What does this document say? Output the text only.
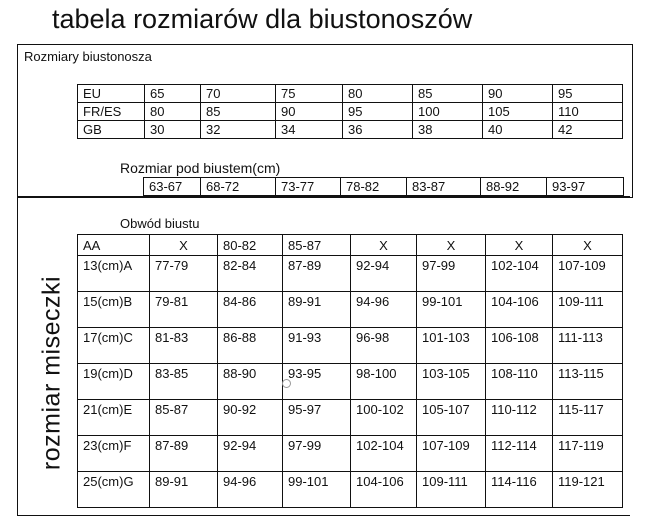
tabela rozmiarów dla biustonoszów
Rozmiary biustonosza
EU	65	70	75	80	85	90	95
FR/ES	80	85	90	95	100	105	110
GB	30	32	34	36	38	40	42
Rozmiar pod biustem(cm)
63-67	68-72	73-77	78-82	83-87	88-92	93-97
Obwód biustu
rozmiar miseczki
AA	X	80-82	85-87	X	X	X	X
13(cm)A	77-79	82-84	87-89	92-94	97-99	102-104	107-109
15(cm)B	79-81	84-86	89-91	94-96	99-101	104-106	109-111
17(cm)C	81-83	86-88	91-93	96-98	101-103	106-108	111-113
19(cm)D	83-85	88-90	93-95	98-100	103-105	108-110	113-115
21(cm)E	85-87	90-92	95-97	100-102	105-107	110-112	115-117
23(cm)F	87-89	92-94	97-99	102-104	107-109	112-114	117-119
25(cm)G	89-91	94-96	99-101	104-106	109-111	114-116	119-121
